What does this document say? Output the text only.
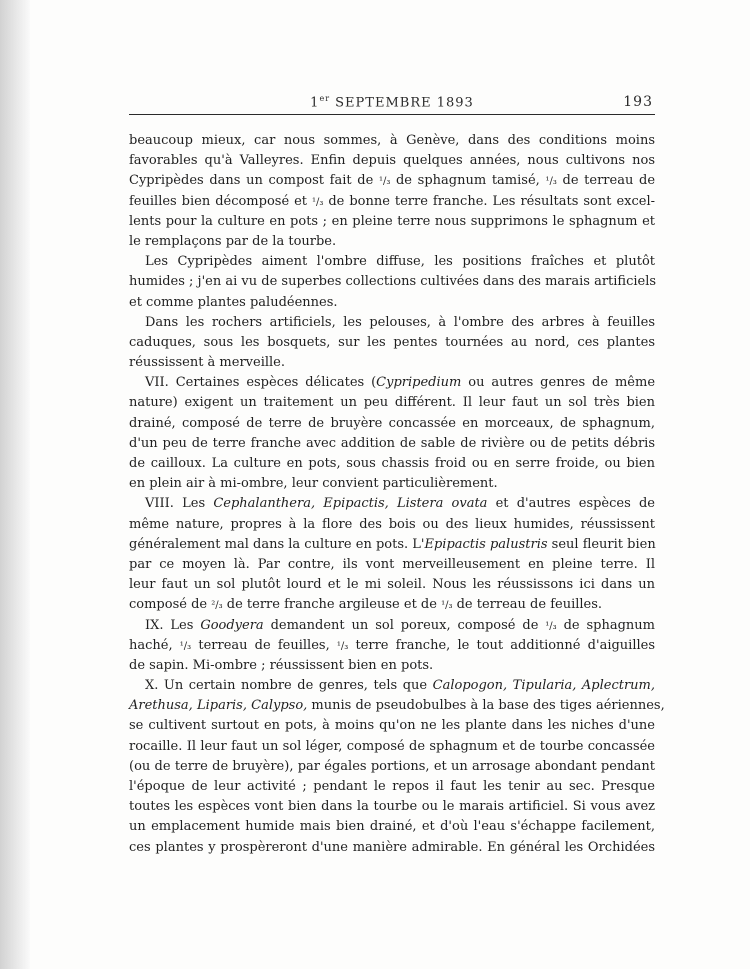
1er SEPTEMBRE 1893	193
beaucoup mieux, car nous sommes, à Genève, dans des conditions moins
favorables qu'à Valleyres. Enfin depuis quelques années, nous cultivons nos
Cypripèdes dans un compost fait de ¹/₃ de sphagnum tamisé, ¹/₃ de terreau de
feuilles bien décomposé et ¹/₃ de bonne terre franche. Les résultats sont excel-
lents pour la culture en pots ; en pleine terre nous supprimons le sphagnum et
le remplaçons par de la tourbe.
Les Cypripèdes aiment l'ombre diffuse, les positions fraîches et plutôt
humides ; j'en ai vu de superbes collections cultivées dans des marais artificiels
et comme plantes paludéennes.
Dans les rochers artificiels, les pelouses, à l'ombre des arbres à feuilles
caduques, sous les bosquets, sur les pentes tournées au nord, ces plantes
réussissent à merveille.
VII. Certaines espèces délicates (Cypripedium ou autres genres de même
nature) exigent un traitement un peu différent. Il leur faut un sol très bien
drainé, composé de terre de bruyère concassée en morceaux, de sphagnum,
d'un peu de terre franche avec addition de sable de rivière ou de petits débris
de cailloux. La culture en pots, sous chassis froid ou en serre froide, ou bien
en plein air à mi-ombre, leur convient particulièrement.
VIII. Les Cephalanthera, Epipactis, Listera ovata et d'autres espèces de
même nature, propres à la flore des bois ou des lieux humides, réussissent
généralement mal dans la culture en pots. L'Epipactis palustris seul fleurit bien
par ce moyen là. Par contre, ils vont merveilleusement en pleine terre. Il
leur faut un sol plutôt lourd et le mi soleil. Nous les réussissons ici dans un
composé de ²/₃ de terre franche argileuse et de ¹/₃ de terreau de feuilles.
IX. Les Goodyera demandent un sol poreux, composé de ¹/₃ de sphagnum
haché, ¹/₃ terreau de feuilles, ¹/₃ terre franche, le tout additionné d'aiguilles
de sapin. Mi-ombre ; réussissent bien en pots.
X. Un certain nombre de genres, tels que Calopogon, Tipularia, Aplectrum,
Arethusa, Liparis, Calypso, munis de pseudobulbes à la base des tiges aériennes,
se cultivent surtout en pots, à moins qu'on ne les plante dans les niches d'une
rocaille. Il leur faut un sol léger, composé de sphagnum et de tourbe concassée
(ou de terre de bruyère), par égales portions, et un arrosage abondant pendant
l'époque de leur activité ; pendant le repos il faut les tenir au sec. Presque
toutes les espèces vont bien dans la tourbe ou le marais artificiel. Si vous avez
un emplacement humide mais bien drainé, et d'où l'eau s'échappe facilement,
ces plantes y prospèreront d'une manière admirable. En général les Orchidées
